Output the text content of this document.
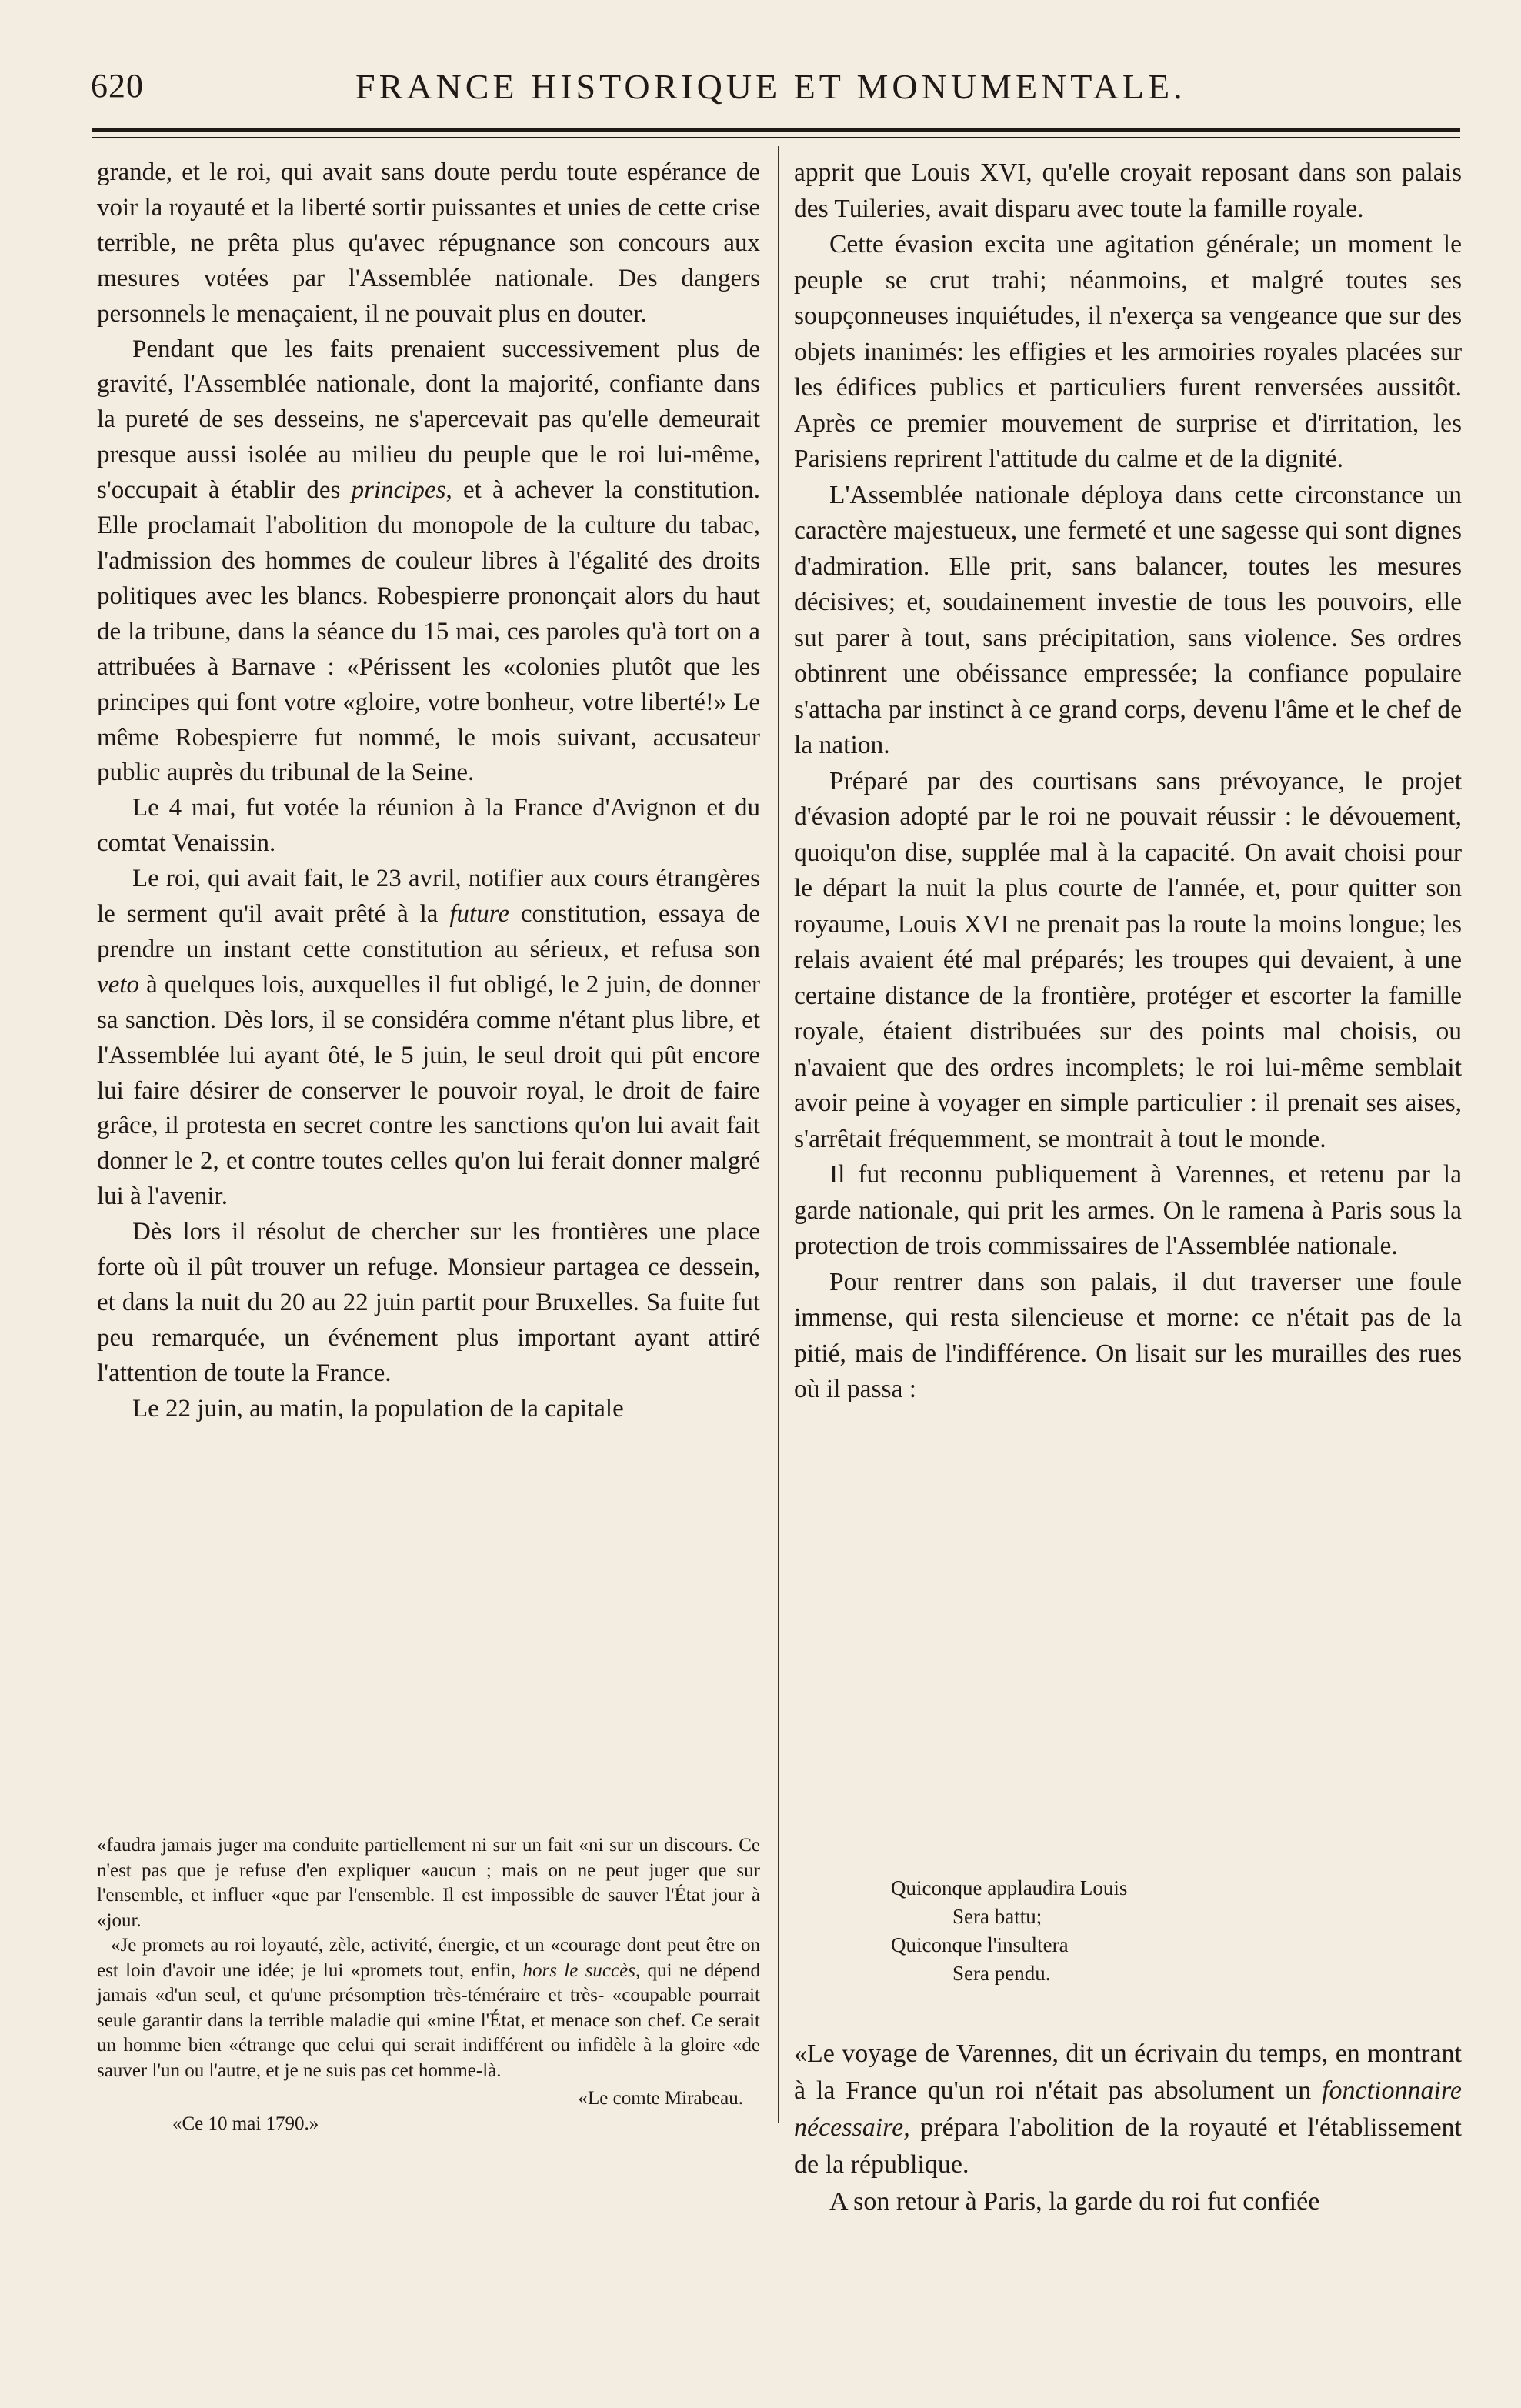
620	FRANCE HISTORIQUE ET MONUMENTALE.

grande, et le roi, qui avait sans doute perdu toute espérance de voir la royauté et la liberté sortir puissantes et unies de cette crise terrible, ne prêta plus qu'avec répugnance son concours aux mesures votées par l'Assemblée nationale. Des dangers personnels le menaçaient, il ne pouvait plus en douter.

Pendant que les faits prenaient successivement plus de gravité, l'Assemblée nationale, dont la majorité, confiante dans la pureté de ses desseins, ne s'apercevait pas qu'elle demeurait presque aussi isolée au milieu du peuple que le roi lui-même, s'occupait à établir des principes, et à achever la constitution. Elle proclamait l'abolition du monopole de la culture du tabac, l'admission des hommes de couleur libres à l'égalité des droits politiques avec les blancs. Robespierre prononçait alors du haut de la tribune, dans la séance du 15 mai, ces paroles qu'à tort on a attribuées à Barnave : «Périssent les «colonies plutôt que les principes qui font votre «gloire, votre bonheur, votre liberté!» Le même Robespierre fut nommé, le mois suivant, accusateur public auprès du tribunal de la Seine.

Le 4 mai, fut votée la réunion à la France d'Avignon et du comtat Venaissin.

Le roi, qui avait fait, le 23 avril, notifier aux cours étrangères le serment qu'il avait prêté à la future constitution, essaya de prendre un instant cette constitution au sérieux, et refusa son veto à quelques lois, auxquelles il fut obligé, le 2 juin, de donner sa sanction. Dès lors, il se considéra comme n'étant plus libre, et l'Assemblée lui ayant ôté, le 5 juin, le seul droit qui pût encore lui faire désirer de conserver le pouvoir royal, le droit de faire grâce, il protesta en secret contre les sanctions qu'on lui avait fait donner le 2, et contre toutes celles qu'on lui ferait donner malgré lui à l'avenir.

Dès lors il résolut de chercher sur les frontières une place forte où il pût trouver un refuge. Monsieur partagea ce dessein, et dans la nuit du 20 au 22 juin partit pour Bruxelles. Sa fuite fut peu remarquée, un événement plus important ayant attiré l'attention de toute la France.

Le 22 juin, au matin, la population de la capitale

«faudra jamais juger ma conduite partiellement ni sur un fait «ni sur un discours. Ce n'est pas que je refuse d'en expliquer «aucun ; mais on ne peut juger que sur l'ensemble, et influer «que par l'ensemble. Il est impossible de sauver l'État jour à «jour.

«Je promets au roi loyauté, zèle, activité, énergie, et un «courage dont peut être on est loin d'avoir une idée; je lui «promets tout, enfin, hors le succès, qui ne dépend jamais «d'un seul, et qu'une présomption très-téméraire et très- «coupable pourrait seule garantir dans la terrible maladie qui «mine l'État, et menace son chef. Ce serait un homme bien «étrange que celui qui serait indifférent ou infidèle à la gloire «de sauver l'un ou l'autre, et je ne suis pas cet homme-là.

«Le comte Mirabeau.

«Ce 10 mai 1790.»

apprit que Louis XVI, qu'elle croyait reposant dans son palais des Tuileries, avait disparu avec toute la famille royale.

Cette évasion excita une agitation générale; un moment le peuple se crut trahi; néanmoins, et malgré toutes ses soupçonneuses inquiétudes, il n'exerça sa vengeance que sur des objets inanimés: les effigies et les armoiries royales placées sur les édifices publics et particuliers furent renversées aussitôt. Après ce premier mouvement de surprise et d'irritation, les Parisiens reprirent l'attitude du calme et de la dignité.

L'Assemblée nationale déploya dans cette circonstance un caractère majestueux, une fermeté et une sagesse qui sont dignes d'admiration. Elle prit, sans balancer, toutes les mesures décisives; et, soudainement investie de tous les pouvoirs, elle sut parer à tout, sans précipitation, sans violence. Ses ordres obtinrent une obéissance empressée; la confiance populaire s'attacha par instinct à ce grand corps, devenu l'âme et le chef de la nation.

Préparé par des courtisans sans prévoyance, le projet d'évasion adopté par le roi ne pouvait réussir : le dévouement, quoiqu'on dise, supplée mal à la capacité. On avait choisi pour le départ la nuit la plus courte de l'année, et, pour quitter son royaume, Louis XVI ne prenait pas la route la moins longue; les relais avaient été mal préparés; les troupes qui devaient, à une certaine distance de la frontière, protéger et escorter la famille royale, étaient distribuées sur des points mal choisis, ou n'avaient que des ordres incomplets; le roi lui-même semblait avoir peine à voyager en simple particulier : il prenait ses aises, s'arrêtait fréquemment, se montrait à tout le monde.

Il fut reconnu publiquement à Varennes, et retenu par la garde nationale, qui prit les armes. On le ramena à Paris sous la protection de trois commissaires de l'Assemblée nationale.

Pour rentrer dans son palais, il dut traverser une foule immense, qui resta silencieuse et morne: ce n'était pas de la pitié, mais de l'indifférence. On lisait sur les murailles des rues où il passa :

Quiconque applaudira Louis
Sera battu;
Quiconque l'insultera
Sera pendu.

«Le voyage de Varennes, dit un écrivain du temps, en montrant à la France qu'un roi n'était pas absolument un fonctionnaire nécessaire, prépara l'abolition de la royauté et l'établissement de la république.

A son retour à Paris, la garde du roi fut confiée
